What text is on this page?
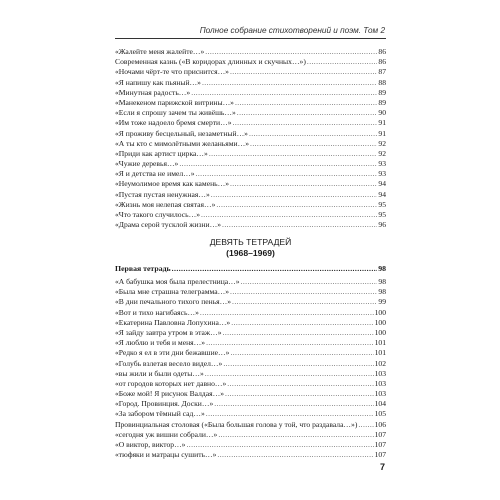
Полное собрание стихотворений и поэм. Том 2
«Жалейте меня жалейте…» .....	86
Современная казнь («В коридорах длинных и скучных…») .....	86
«Ночами чёрт-те что приснится…» .....	87
«Я напишу как пьяный…» .....	88
«Минутная радость…» .....	89
«Манекеном парижской витрины…» .....	89
«Если я спрошу зачем ты живёшь…» .....	90
«Им тоже надоело бремя смерти…» .....	91
«Я проживу бесцельный, незаметный…» .....	91
«А ты кто с мимолётными желаньями…» .....	92
«Приди как артист цирка…» .....	92
«Чужие деревья…» .....	93
«Я и детства не имел…» .....	93
«Неумолимое время как камень…» .....	94
«Пустая пустая ненужная…» .....	94
«Жизнь моя нелепая святая…» .....	95
«Что такого случилось…» .....	95
«Драма серой тусклой жизни…» .....	96
ДЕВЯТЬ ТЕТРАДЕЙ
(1968–1969)
Первая тетрадь .....	98
«А бабушка моя была прелестница…» .....	98
«Была мне страшна телеграмма…» .....	98
«В дни печального тихого пенья…» .....	99
«Вот и тихо нагибаясь…» .....	100
«Екатерина Павловна Лопухина…» .....	100
«Я зайду завтра утром в этаж…» .....	100
«Я люблю и тебя и меня…» .....	101
«Редко я ел в эти дни бежавшие…» .....	101
«Голубь взлетая весело видел…» .....	102
«вы жили и были одеты…» .....	103
«от городов которых нет давно…» .....	103
«Боже мой! Я рисунок Валдая…» .....	103
«Город. Провинция. Доски…» .....	104
«За забором тёмный сад…» .....	105
Провинциальная столовая («Была большая голова у той, что раздавала…») ..... 106
«сегодня уж вишни собрали…» .....	107
«О виктор, виктор…» .....	107
«тюфяки и матрацы сушить…» .....	107
7
